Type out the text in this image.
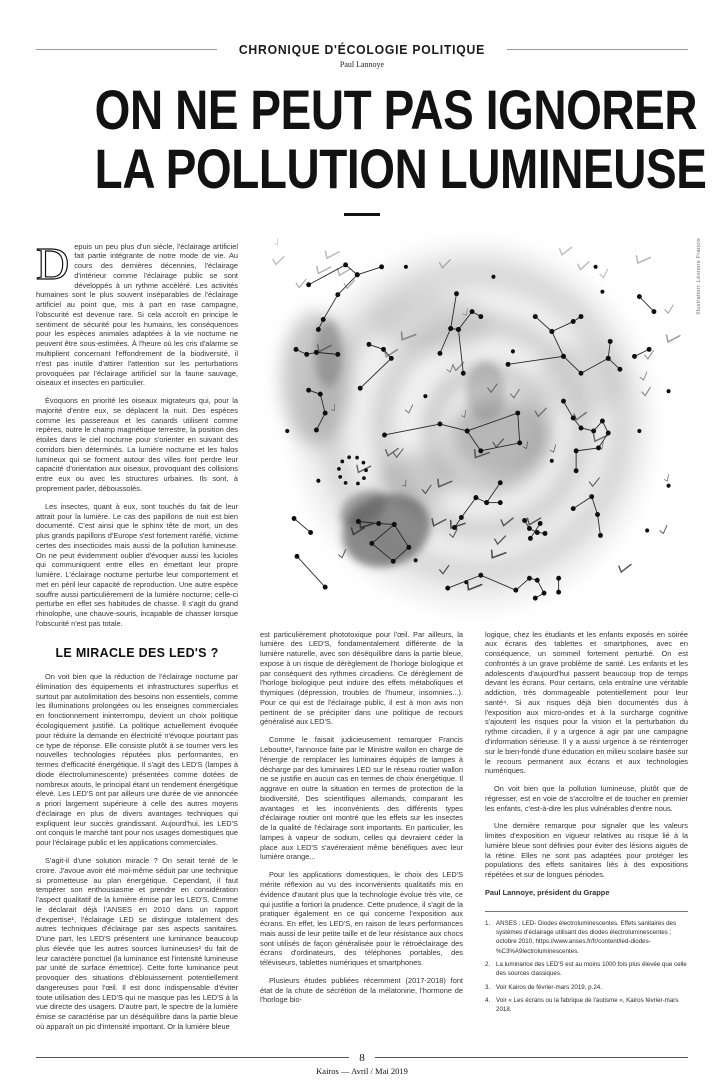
CHRONIQUE D'ÉCOLOGIE POLITIQUE
Paul Lannoye
ON NE PEUT PAS IGNORER
LA POLLUTION LUMINEUSE

Depuis un peu plus d'un siècle, l'éclairage artificiel fait partie intégrante de notre mode de vie. Au cours des dernières décennies, l'éclairage d'intérieur comme l'éclairage public se sont développés à un rythme accéléré. Les activités humaines sont le plus souvent inséparables de l'éclairage artificiel au point que, mis à part en rase campagne, l'obscurité est devenue rare. Si cela accroît en principe le sentiment de sécurité pour les humains, les conséquences pour les espèces animales adaptées à la vie nocturne ne peuvent être sous-estimées. À l'heure où les cris d'alarme se multiplient concernant l'effondrement de la biodiversité, il n'est pas inutile d'attirer l'attention sur les perturbations provoquées par l'éclairage artificiel sur la faune sauvage, oiseaux et insectes en particulier.

Évoquons en priorité les oiseaux migrateurs qui, pour la majorité d'entre eux, se déplacent la nuit. Des espèces comme les passereaux et les canards utilisent comme repères, outre le champ magnétique terrestre, la position des étoiles dans le ciel nocturne pour s'orienter en suivant des corridors bien déterminés. La lumière nocturne et les halos lumineux qui se forment autour des villes font perdre leur capacité d'orientation aux oiseaux, provoquant des collisions entre eux ou avec les structures urbaines. Ils sont, à proprement parler, déboussolés.

Les insectes, quant à eux, sont touchés du fait de leur attrait pour la lumière. Le cas des papillons de nuit est bien documenté. C'est ainsi que le sphinx tête de mort, un des plus grands papillons d'Europe s'est fortement raréfié, victime certes des insecticides mais aussi de la pollution lumineuse. On ne peut évidemment oublier d'évoquer aussi les lucioles qui communiquent entre elles en émettant leur propre lumière. L'éclairage nocturne perturbe leur comportement et met en péril leur capacité de reproduction. Une autre espèce souffre aussi particulièrement de la lumière nocturne; celle-ci perturbe en effet ses habitudes de chasse. Il s'agit du grand rhinolophe, une chauve-souris, incapable de chasser lorsque l'obscurité n'est pas totale.

LE MIRACLE DES LED'S ?

On voit bien que la réduction de l'éclairage nocturne par élimination des équipements et infrastructures superflus et surtout par autolimitation des besoins non essentiels, comme les illuminations prolongées ou les enseignes commerciales en fonctionnement ininterrompu, devient un choix politique écologiquement justifié. La politique actuellement évoquée pour réduire la demande en électricité n'évoque pourtant pas ce type de réponse. Elle consiste plutôt à se tourner vers les nouvelles technologies réputées plus performantes, en termes d'efficacité énergétique. Il s'agit des LED'S (lampes à diode électroluminescente) présentées comme dotées de nombreux atouts, le principal étant un rendement énergétique élevé. Les LED'S ont par ailleurs une durée de vie annoncée a priori largement supérieure à celle des autres moyens d'éclairage en plus de divers avantages techniques qui expliquent leur succès grandissant. Aujourd'hui, les LED'S ont conquis le marché tant pour nos usages domestiques que pour l'éclairage public et les applications commerciales.

S'agit-il d'une solution miracle ? On serait tenté de le croire. J'avoue avoir été moi-même séduit par une technique si prometteuse au plan énergétique. Cependant, il faut tempérer son enthousiasme et prendre en considération l'aspect qualitatif de la lumière émise par les LED'S. Comme le déclarait déjà l'ANSES en 2010 dans un rapport d'expertise¹, l'éclairage LED se distingue totalement des autres techniques d'éclairage par ses aspects sanitaires. D'une part, les LED'S présentent une luminance beaucoup plus élevée que les autres sources lumineuses² du fait de leur caractère ponctuel (la luminance est l'intensité lumineuse par unité de surface émettrice). Cette forte luminance peut provoquer des situations d'éblouissement potentiellement dangereuses pour l'œil. Il est donc indispensable d'éviter toute utilisation des LED'S qui ne masque pas les LED'S à la vue directe des usagers. D'autre part, le spectre de la lumière émise se caractérise par un déséquilibre dans la partie bleue où apparaît un pic d'intensité important. Or la lumière bleue

Illustration: Léonore Francis

est particulièrement phototoxique pour l'œil. Par ailleurs, la lumière des LED'S, fondamentalement différente de la lumière naturelle, avec son déséquilibre dans la partie bleue, expose à un risque de dérèglement de l'horloge biologique et par conséquent des rythmes circadiens. Ce dérèglement de l'horloge biologique peut induire des effets métaboliques et thymiques (dépression, troubles de l'humeur, insomnies...). Pour ce qui est de l'éclairage public, il est à mon avis non pertinent de se précipiter dans une politique de recours généralisé aux LED'S.

Comme le faisait judicieusement remarquer Francis Leboutte³, l'annonce faite par le Ministre wallon en charge de l'énergie de remplacer les luminaires équipés de lampes à décharge par des luminaires LED sur le réseau routier wallon ne se justifie en aucun cas en termes de choix énergétique. Il aggrave en outre la situation en termes de protection de la biodiversité. Des scientifiques allemands, comparant les avantages et les inconvénients des différents types d'éclairage routier ont montré que les effets sur les insectes de la qualité de l'éclairage sont importants. En particulier, les lampes à vapeur de sodium, celles qui devraient céder la place aux LED'S s'avéreraient même bénéfiques avec leur lumière orange...

Pour les applications domestiques, le choix des LED'S mérite réflexion au vu des inconvénients qualitatifs mis en évidence d'autant plus que la technologie évolue très vite, ce qui justifie a fortiori la prudence. Cette prudence, il s'agit de la pratiquer également en ce qui concerne l'exposition aux écrans. En effet, les LED'S, en raison de leurs performances mais aussi de leur petite taille et de leur résistance aux chocs sont utilisés de façon généralisée pour le rétroéclairage des écrans d'ordinateurs, des téléphones portables, des téléviseurs, tablettes numériques et smartphones.

Plusieurs études publiées récemment (2017-2018) font état de la chute de sécrétion de la mélatonine, l'hormone de l'horloge bio-

logique, chez les étudiants et les enfants exposés en soirée aux écrans des tablettes et smartphones, avec en conséquence, un sommeil fortement perturbé. On est confrontés à un grave problème de santé. Les enfants et les adolescents d'aujourd'hui passent beaucoup trop de temps devant les écrans. Pour certains, cela entraîne une véritable addiction, très dommageable potentiellement pour leur santé⁴. Si aux risques déjà bien documentés dus à l'exposition aux micro-ondes et à la surcharge cognitive s'ajoutent les risques pour la vision et la perturbation du rythme circadien, il y a urgence à agir par une campagne d'information sérieuse. Il y a aussi urgence à se réinterroger sur le bien-fondé d'une éducation en milieu scolaire basée sur le recours permanent aux écrans et aux technologies numériques.

On voit bien que la pollution lumineuse, plutôt que de régresser, est en voie de s'accroître et de toucher en premier les enfants, c'est-à-dire les plus vulnérables d'entre nous.

Une dernière remarque pour signaler que les valeurs limites d'exposition en vigueur relatives au risque lié à la lumière bleue sont définies pour éviter des lésions aiguës de la rétine. Elles ne sont pas adaptées pour protéger les populations des effets sanitaires liés à des expositions répétées et sur de longues périodes.

Paul Lannoye, président du Grappe

1. ANSES : LED- Diodes électroluminescentes. Effets sanitaires des systèmes d'éclairage utilisant des diodes électroluminescentes ; octobre 2010, https://www.anses.fr/fr/content/led-diodes-%C3%A9lectroluminescentes.
2. La luminance des LED'S est au moins 1000 fois plus élevée que celle des sources classiques.
3. Voir Kairos de février-mars 2019, p.24.
4. Voir « Les écrans ou la fabrique de l'autisme », Kairos février-mars 2018.
8
Kairos — Avril / Mai 2019
